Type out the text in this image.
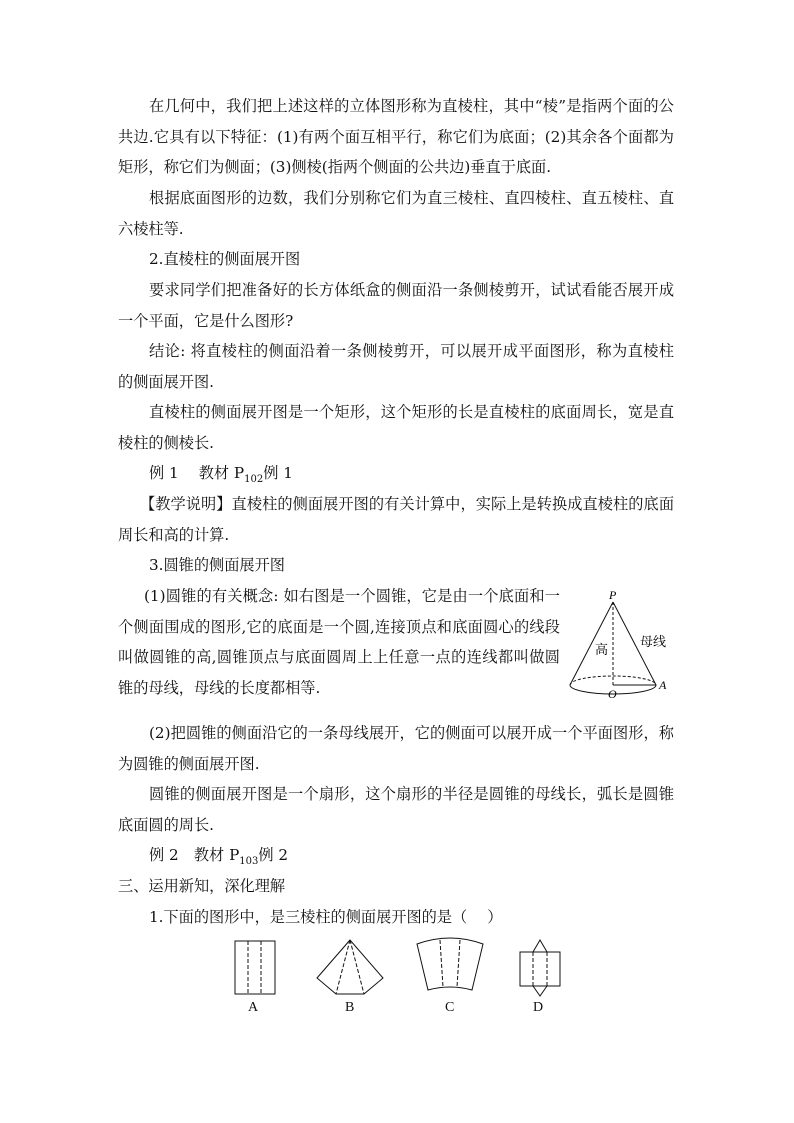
在几何中，我们把上述这样的立体图形称为直棱柱，其中“棱”是指两个面的公共边.它具有以下特征：(1)有两个面互相平行，称它们为底面；(2)其余各个面都为矩形，称它们为侧面；(3)侧棱(指两个侧面的公共边)垂直于底面.

根据底面图形的边数，我们分别称它们为直三棱柱、直四棱柱、直五棱柱、直六棱柱等.

2.直棱柱的侧面展开图

要求同学们把准备好的长方体纸盒的侧面沿一条侧棱剪开，试试看能否展开成一个平面，它是什么图形?

结论: 将直棱柱的侧面沿着一条侧棱剪开，可以展开成平面图形，称为直棱柱的侧面展开图.

直棱柱的侧面展开图是一个矩形，这个矩形的长是直棱柱的底面周长，宽是直棱柱的侧棱长.

例 1　 教材 $P_{102}$例 1

【教学说明】直棱柱的侧面展开图的有关计算中，实际上是转换成直棱柱的底面周长和高的计算.

3.圆锥的侧面展开图

(1)圆锥的有关概念: 如右图是一个圆锥，它是由一个底面和一个侧面围成的图形,它的底面是一个圆,连接顶点和底面圆心的线段叫做圆锥的高,圆锥顶点与底面圆周上上任意一点的连线都叫做圆锥的母线，母线的长度都相等.

P
高
母线
O
A

(2)把圆锥的侧面沿它的一条母线展开，它的侧面可以展开成一个平面图形，称为圆锥的侧面展开图.

圆锥的侧面展开图是一个扇形，这个扇形的半径是圆锥的母线长，弧长是圆锥底面圆的周长.

例 2　教材 $P_{103}$例 2

三、运用新知，深化理解

1.下面的图形中，是三棱柱的侧面展开图的是（　 ）

A	B	C	D
